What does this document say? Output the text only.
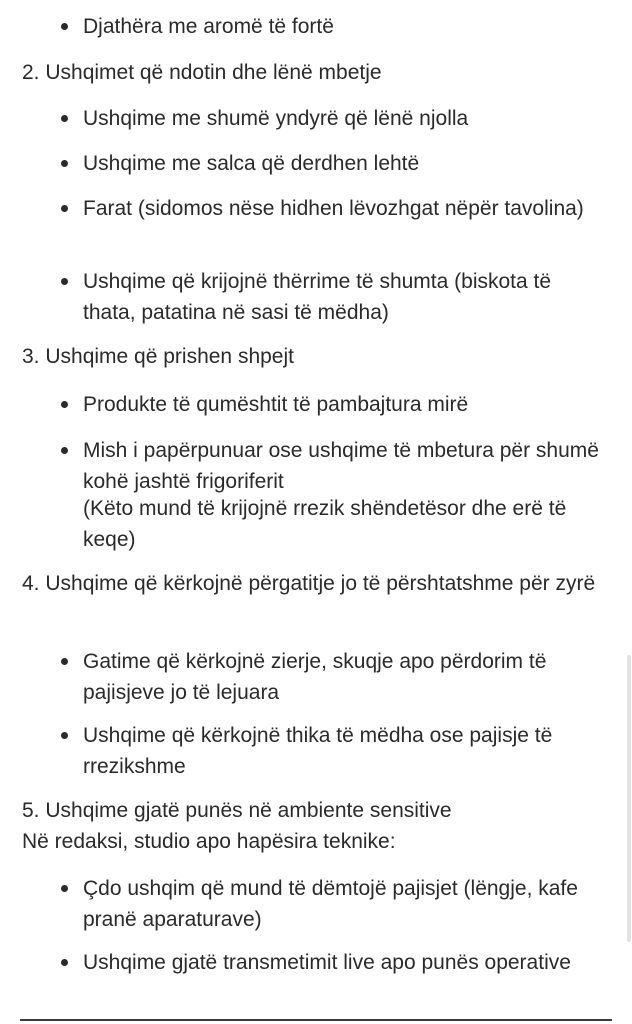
Djathëra me aromë të fortë
2. Ushqimet që ndotin dhe lënë mbetje
Ushqime me shumë yndyrë që lënë njolla
Ushqime me salca që derdhen lehtë
Farat (sidomos nëse hidhen lëvozhgat nëpër tavolina)
Ushqime që krijojnë thërrime të shumta (biskota të thata, patatina në sasi të mëdha)
3. Ushqime që prishen shpejt
Produkte të qumështit të pambajtura mirë
Mish i papërpunuar ose ushqime të mbetura për shumë kohë jashtë frigoriferit
(Këto mund të krijojnë rrezik shëndetësor dhe erë të keqe)
4. Ushqime që kërkojnë përgatitje jo të përshtatshme për zyrë
Gatime që kërkojnë zierje, skuqje apo përdorim të pajisjeve jo të lejuara
Ushqime që kërkojnë thika të mëdha ose pajisje të rrezikshme
5. Ushqime gjatë punës në ambiente sensitive
Në redaksi, studio apo hapësira teknike:
Çdo ushqim që mund të dëmtojë pajisjet (lëngje, kafe pranë aparaturave)
Ushqime gjatë transmetimit live apo punës operative
